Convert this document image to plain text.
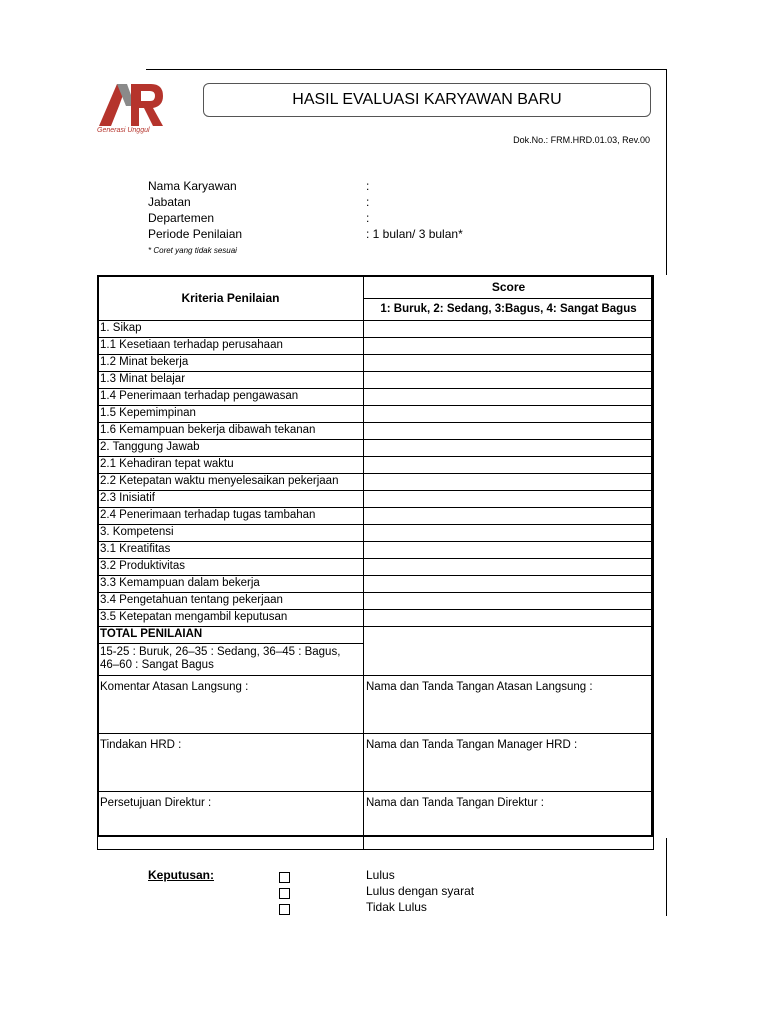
Generasi Unggul
HASIL EVALUASI KARYAWAN BARU
Dok.No.: FRM.HRD.01.03, Rev.00
Nama Karyawan	:
Jabatan	:
Departemen	:
Periode Penilaian	: 1 bulan/ 3 bulan*
* Coret yang tidak sesuai
Kriteria Penilaian	Score
	1: Buruk, 2: Sedang, 3:Bagus, 4: Sangat Bagus
1. Sikap	
1.1 Kesetiaan terhadap perusahaan	
1.2 Minat bekerja	
1.3 Minat belajar	
1.4 Penerimaan terhadap pengawasan	
1.5 Kepemimpinan	
1.6 Kemampuan bekerja dibawah tekanan	
2. Tanggung Jawab	
2.1 Kehadiran tepat waktu	
2.2 Ketepatan waktu menyelesaikan pekerjaan	
2.3 Inisiatif	
2.4 Penerimaan terhadap tugas tambahan	
3. Kompetensi	
3.1 Kreatifitas	
3.2 Produktivitas	
3.3 Kemampuan dalam bekerja	
3.4 Pengetahuan tentang pekerjaan	
3.5 Ketepatan mengambil keputusan	
TOTAL PENILAIAN	
15-25 : Buruk, 26–35 : Sedang, 36–45 : Bagus, 46–60 : Sangat Bagus	
Komentar Atasan Langsung :	Nama dan Tanda Tangan Atasan Langsung :
Tindakan HRD :	Nama dan Tanda Tangan Manager HRD :
Persetujuan Direktur :	Nama dan Tanda Tangan Direktur :
Keputusan:	Lulus
Lulus dengan syarat
Tidak Lulus
